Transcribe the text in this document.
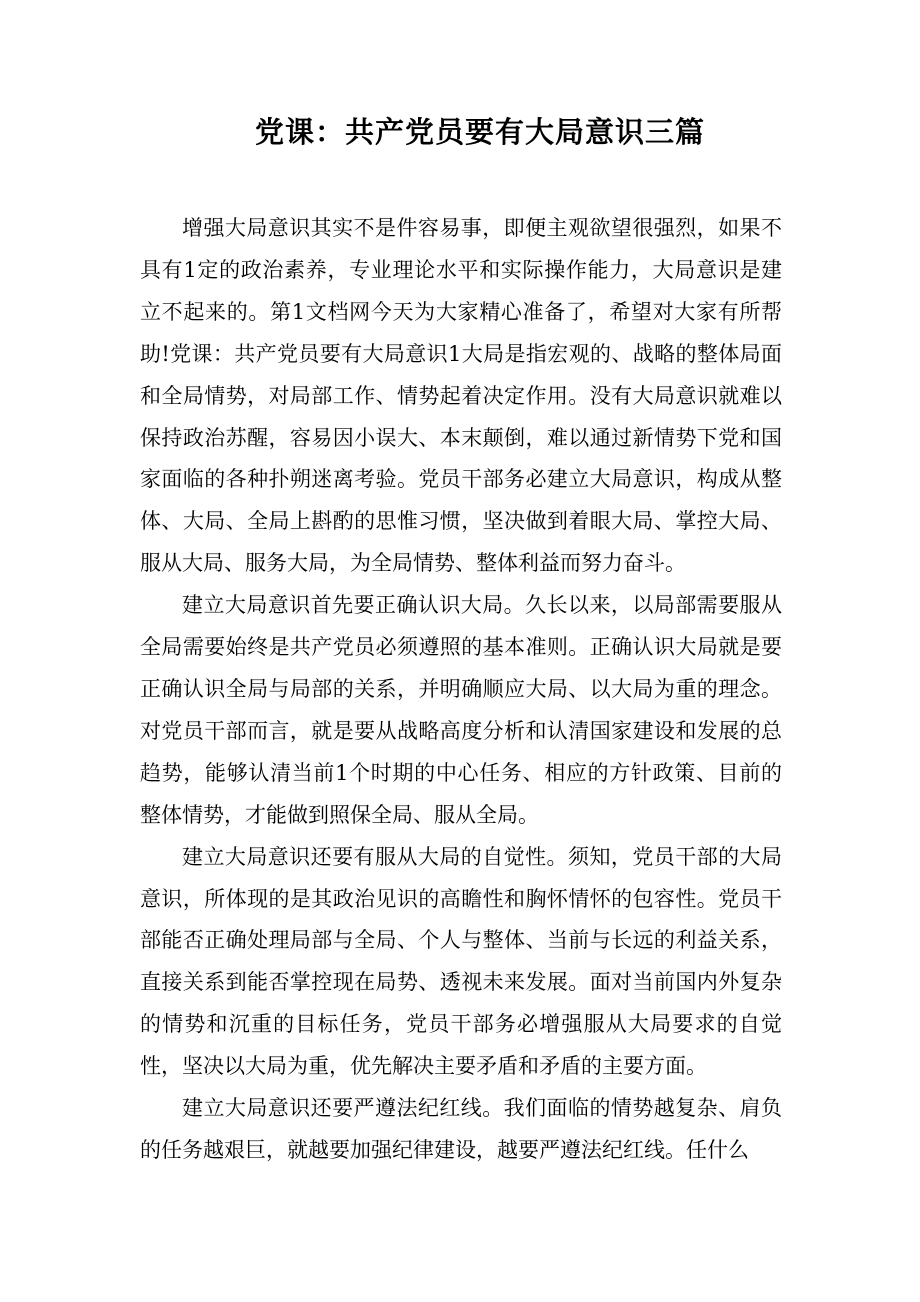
党课：共产党员要有大局意识三篇

增强大局意识其实不是件容易事，即便主观欲望很强烈，如果不具有1定的政治素养，专业理论水平和实际操作能力，大局意识是建立不起来的。第1文档网今天为大家精心准备了，希望对大家有所帮助!党课：共产党员要有大局意识1大局是指宏观的、战略的整体局面和全局情势，对局部工作、情势起着决定作用。没有大局意识就难以保持政治苏醒，容易因小误大、本末颠倒，难以通过新情势下党和国家面临的各种扑朔迷离考验。党员干部务必建立大局意识，构成从整体、大局、全局上斟酌的思惟习惯，坚决做到着眼大局、掌控大局、服从大局、服务大局，为全局情势、整体利益而努力奋斗。

建立大局意识首先要正确认识大局。久长以来，以局部需要服从全局需要始终是共产党员必须遵照的基本准则。正确认识大局就是要正确认识全局与局部的关系，并明确顺应大局、以大局为重的理念。对党员干部而言，就是要从战略高度分析和认清国家建设和发展的总趋势，能够认清当前1个时期的中心任务、相应的方针政策、目前的整体情势，才能做到照保全局、服从全局。

建立大局意识还要有服从大局的自觉性。须知，党员干部的大局意识，所体现的是其政治见识的高瞻性和胸怀情怀的包容性。党员干部能否正确处理局部与全局、个人与整体、当前与长远的利益关系，直接关系到能否掌控现在局势、透视未来发展。面对当前国内外复杂的情势和沉重的目标任务，党员干部务必增强服从大局要求的自觉性，坚决以大局为重，优先解决主要矛盾和矛盾的主要方面。

建立大局意识还要严遵法纪红线。我们面临的情势越复杂、肩负的任务越艰巨，就越要加强纪律建设，越要严遵法纪红线。任什么
